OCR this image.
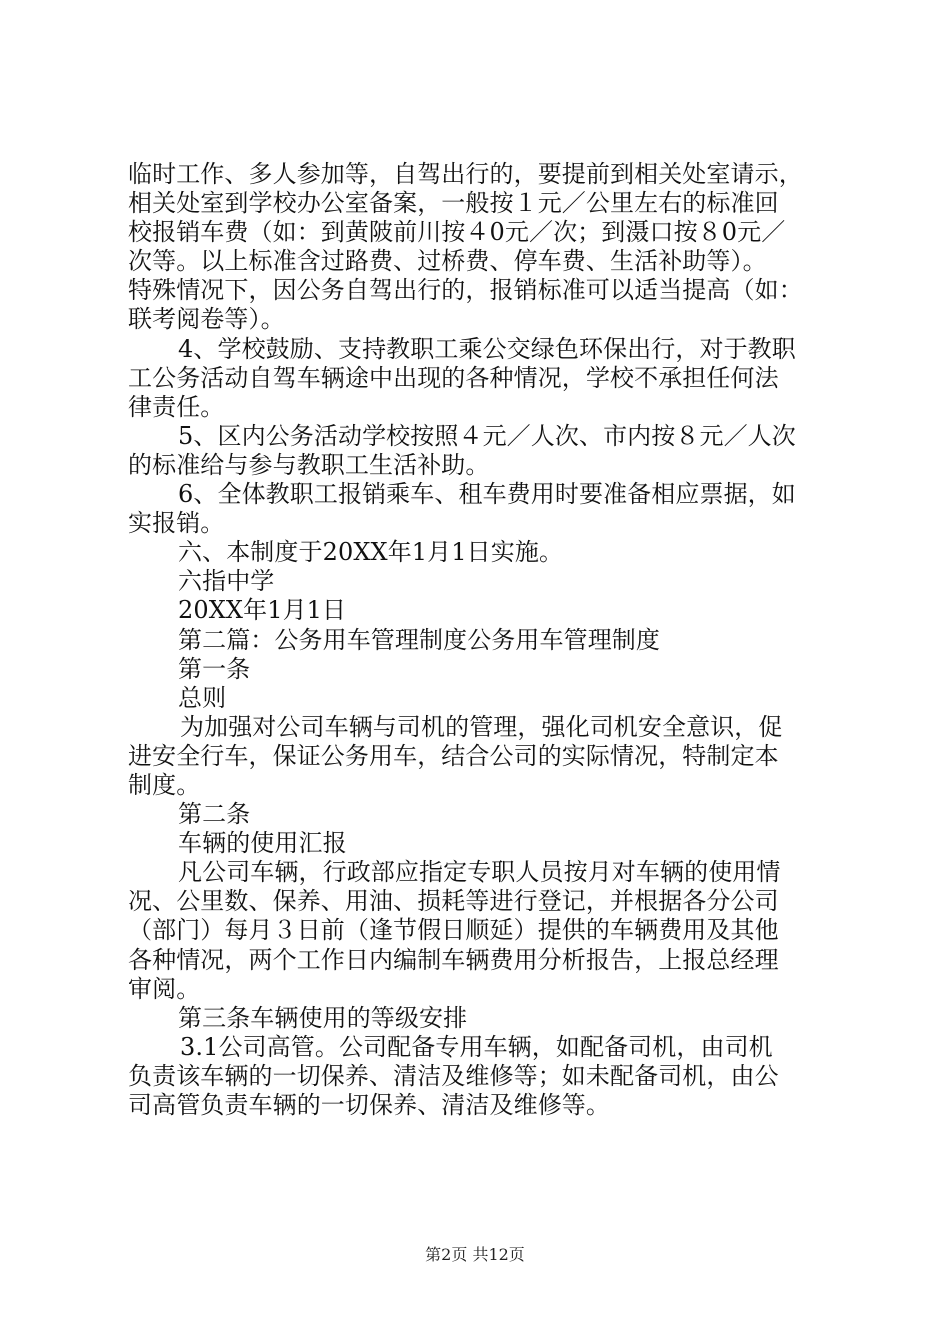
临时工作、多人参加等，自驾出行的，要提前到相关处室请示，
相关处室到学校办公室备案，一般按１元／公里左右的标准回
校报销车费（如：到黄陂前川按４0元／次；到滠口按８0元／
次等。以上标准含过路费、过桥费、停车费、生活补助等）。
特殊情况下，因公务自驾出行的，报销标准可以适当提高（如：
联考阅卷等）。
4、学校鼓励、支持教职工乘公交绿色环保出行，对于教职
工公务活动自驾车辆途中出现的各种情况，学校不承担任何法
律责任。
5、区内公务活动学校按照４元／人次、市内按８元／人次
的标准给与参与教职工生活补助。
6、全体教职工报销乘车、租车费用时要准备相应票据，如
实报销。
六、本制度于20XX年1月1日实施。
六指中学
20XX年1月1日
第二篇：公务用车管理制度公务用车管理制度
第一条
总则
为加强对公司车辆与司机的管理，强化司机安全意识，促
进安全行车，保证公务用车，结合公司的实际情况，特制定本
制度。
第二条
车辆的使用汇报
凡公司车辆，行政部应指定专职人员按月对车辆的使用情
况、公里数、保养、用油、损耗等进行登记，并根据各分公司
（部门）每月３日前（逢节假日顺延）提供的车辆费用及其他
各种情况，两个工作日内编制车辆费用分析报告，上报总经理
审阅。
第三条车辆使用的等级安排
3.1公司高管。公司配备专用车辆，如配备司机，由司机
负责该车辆的一切保养、清洁及维修等；如未配备司机，由公
司高管负责车辆的一切保养、清洁及维修等。
第2页 共12页
